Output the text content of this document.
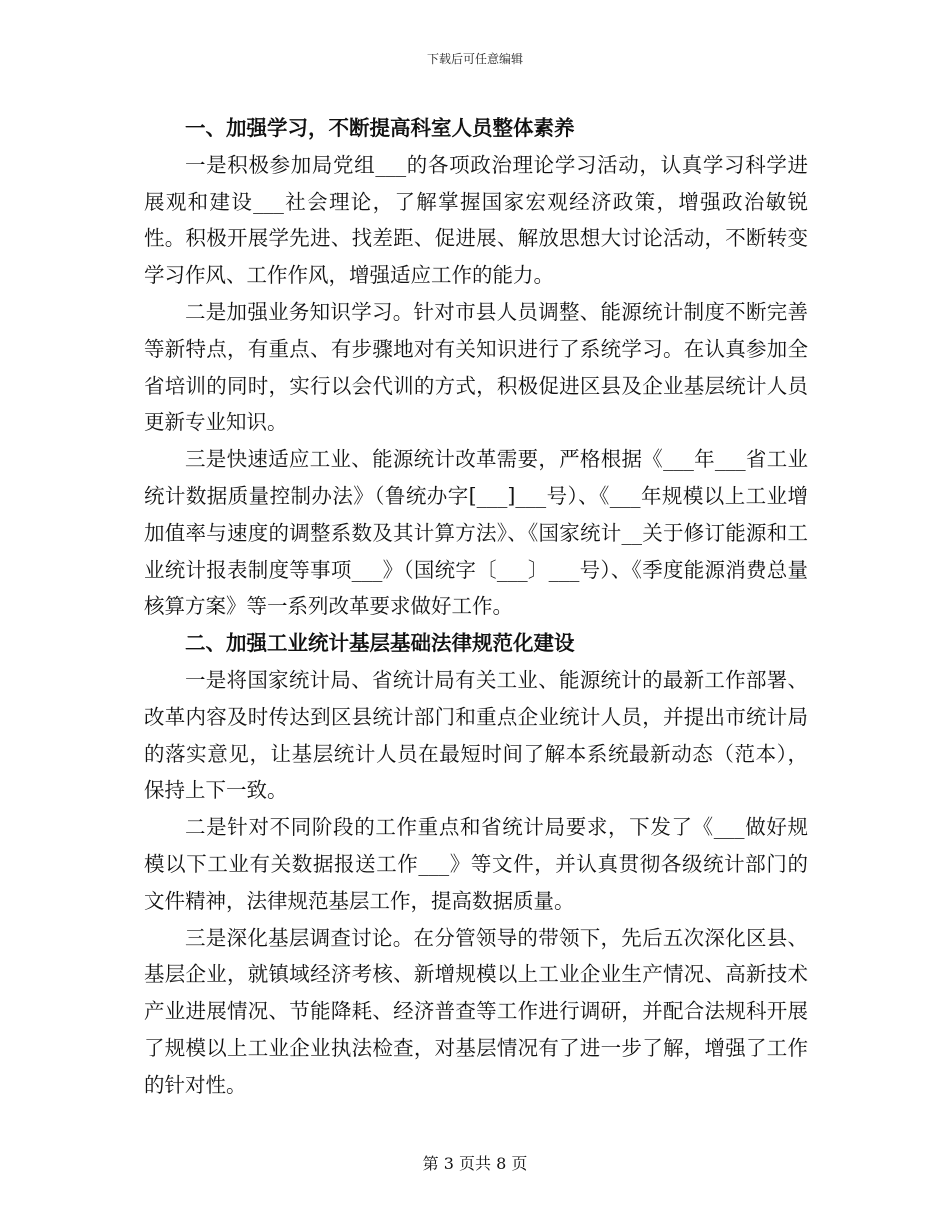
下载后可任意编辑
一、加强学习，不断提高科室人员整体素养

一是积极参加局党组___的各项政治理论学习活动，认真学习科学进展观和建设___社会理论，了解掌握国家宏观经济政策，增强政治敏锐性。积极开展学先进、找差距、促进展、解放思想大讨论活动，不断转变学习作风、工作作风，增强适应工作的能力。

二是加强业务知识学习。针对市县人员调整、能源统计制度不断完善等新特点，有重点、有步骤地对有关知识进行了系统学习。在认真参加全省培训的同时，实行以会代训的方式，积极促进区县及企业基层统计人员更新专业知识。

三是快速适应工业、能源统计改革需要，严格根据《___年___省工业统计数据质量控制办法》（鲁统办字[___]___号）、《___年规模以上工业增加值率与速度的调整系数及其计算方法》、《国家统计__关于修订能源和工业统计报表制度等事项___》（国统字〔___〕___号）、《季度能源消费总量核算方案》等一系列改革要求做好工作。

二、加强工业统计基层基础法律规范化建设

一是将国家统计局、省统计局有关工业、能源统计的最新工作部署、改革内容及时传达到区县统计部门和重点企业统计人员，并提出市统计局的落实意见，让基层统计人员在最短时间了解本系统最新动态（范本），保持上下一致。

二是针对不同阶段的工作重点和省统计局要求，下发了《___做好规模以下工业有关数据报送工作___》等文件，并认真贯彻各级统计部门的文件精神，法律规范基层工作，提高数据质量。

三是深化基层调查讨论。在分管领导的带领下，先后五次深化区县、基层企业，就镇域经济考核、新增规模以上工业企业生产情况、高新技术产业进展情况、节能降耗、经济普查等工作进行调研，并配合法规科开展了规模以上工业企业执法检查，对基层情况有了进一步了解，增强了工作的针对性。

第 3 页共 8 页
